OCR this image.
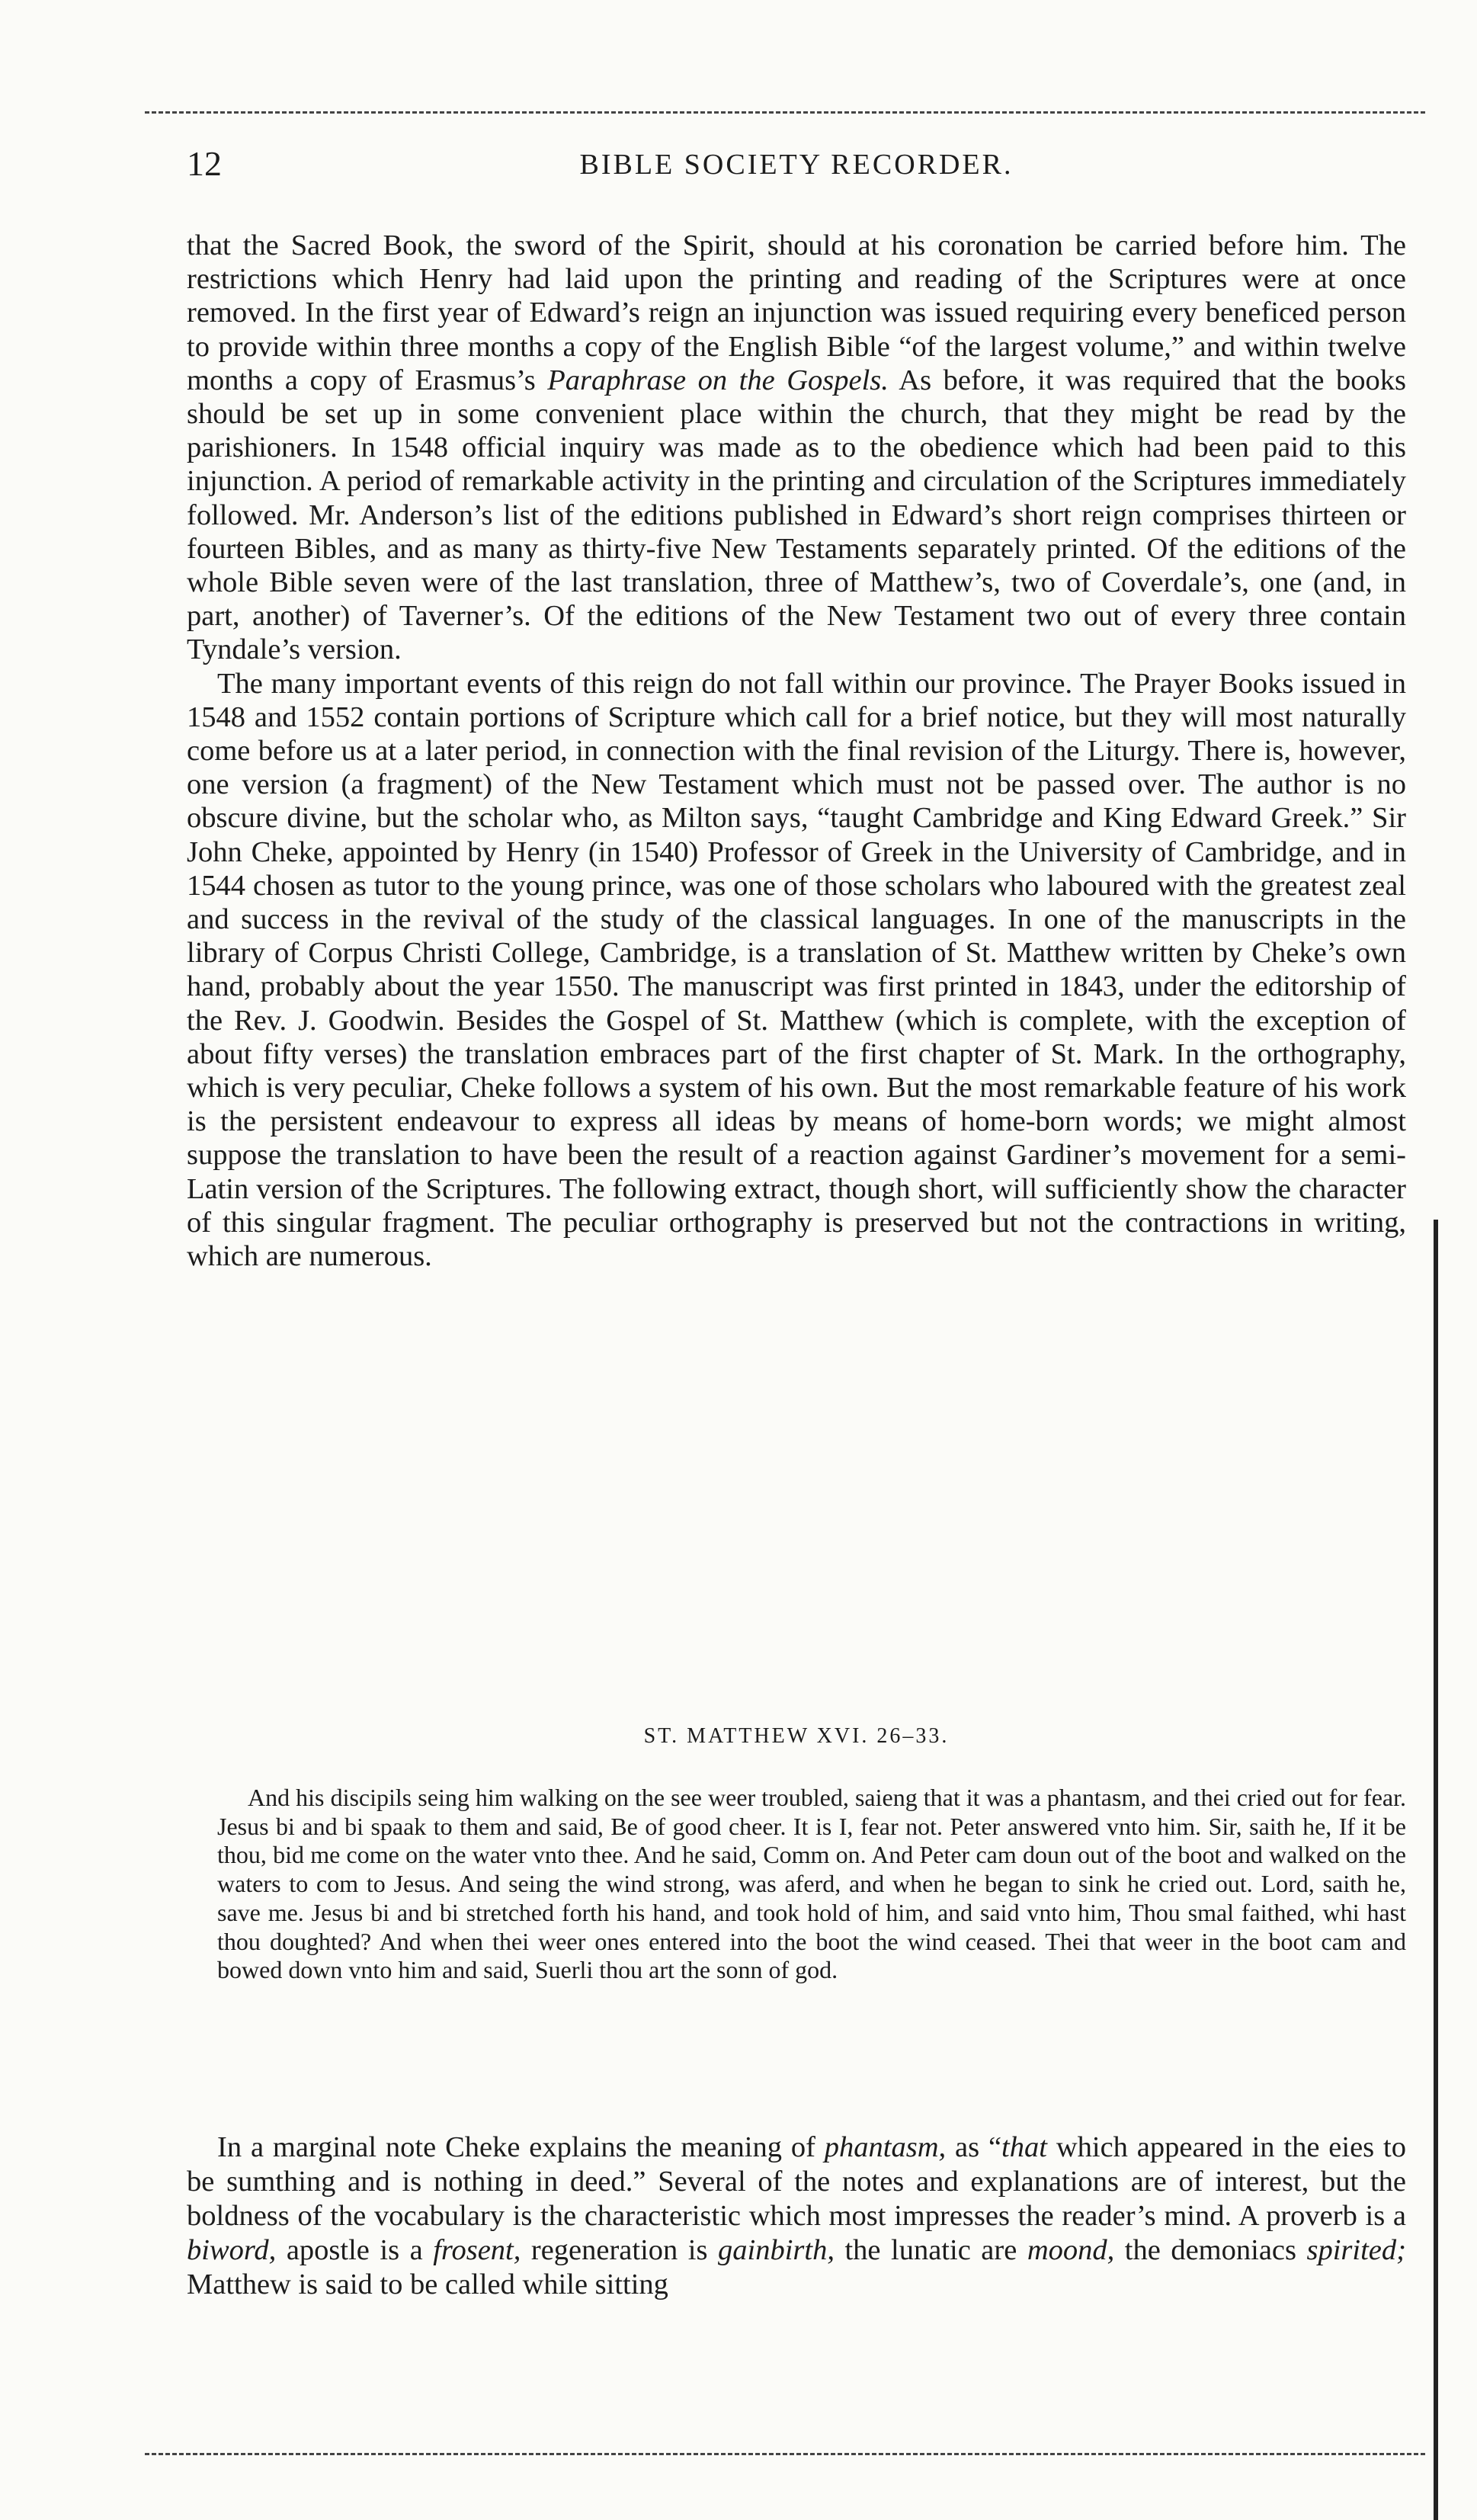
12	BIBLE SOCIETY RECORDER.

that the Sacred Book, the sword of the Spirit, should at his coronation be carried before him. The restrictions which Henry had laid upon the printing and reading of the Scriptures were at once removed. In the first year of Edward’s reign an injunction was issued requiring every beneficed person to provide within three months a copy of the English Bible “of the largest volume,” and within twelve months a copy of Erasmus’s Paraphrase on the Gospels. As before, it was required that the books should be set up in some convenient place within the church, that they might be read by the parishioners. In 1548 official inquiry was made as to the obedience which had been paid to this injunction. A period of remarkable activity in the printing and circulation of the Scriptures immediately followed. Mr. Anderson’s list of the editions published in Edward’s short reign comprises thirteen or fourteen Bibles, and as many as thirty-five New Testaments separately printed. Of the editions of the whole Bible seven were of the last translation, three of Matthew’s, two of Coverdale’s, one (and, in part, another) of Taverner’s. Of the editions of the New Testament two out of every three contain Tyndale’s version.

The many important events of this reign do not fall within our province. The Prayer Books issued in 1548 and 1552 contain portions of Scripture which call for a brief notice, but they will most naturally come before us at a later period, in connection with the final revision of the Liturgy. There is, however, one version (a fragment) of the New Testament which must not be passed over. The author is no obscure divine, but the scholar who, as Milton says, “taught Cambridge and King Edward Greek.” Sir John Cheke, appointed by Henry (in 1540) Professor of Greek in the University of Cambridge, and in 1544 chosen as tutor to the young prince, was one of those scholars who laboured with the greatest zeal and success in the revival of the study of the classical languages. In one of the manuscripts in the library of Corpus Christi College, Cambridge, is a translation of St. Matthew written by Cheke’s own hand, probably about the year 1550. The manuscript was first printed in 1843, under the editorship of the Rev. J. Goodwin. Besides the Gospel of St. Matthew (which is complete, with the exception of about fifty verses) the translation embraces part of the first chapter of St. Mark. In the orthography, which is very peculiar, Cheke follows a system of his own. But the most remarkable feature of his work is the persistent endeavour to express all ideas by means of home-born words; we might almost suppose the translation to have been the result of a reaction against Gardiner’s movement for a semi-Latin version of the Scriptures. The following extract, though short, will sufficiently show the character of this singular fragment. The peculiar orthography is preserved but not the contractions in writing, which are numerous.

ST. MATTHEW XVI. 26–33.

And his discipils seing him walking on the see weer troubled, saieng that it was a phantasm, and thei cried out for fear. Jesus bi and bi spaak to them and said, Be of good cheer. It is I, fear not. Peter answered vnto him. Sir, saith he, If it be thou, bid me come on the water vnto thee. And he said, Comm on. And Peter cam doun out of the boot and walked on the waters to com to Jesus. And seing the wind strong, was aferd, and when he began to sink he cried out. Lord, saith he, save me. Jesus bi and bi stretched forth his hand, and took hold of him, and said vnto him, Thou smal faithed, whi hast thou doughted? And when thei weer ones entered into the boot the wind ceased. Thei that weer in the boot cam and bowed down vnto him and said, Suerli thou art the sonn of god.

In a marginal note Cheke explains the meaning of phantasm, as “that which appeared in the eies to be sumthing and is nothing in deed.” Several of the notes and explanations are of interest, but the boldness of the vocabulary is the characteristic which most impresses the reader’s mind. A proverb is a biword, apostle is a frosent, regeneration is gainbirth, the lunatic are moond, the demoniacs spirited; Matthew is said to be called while sitting
